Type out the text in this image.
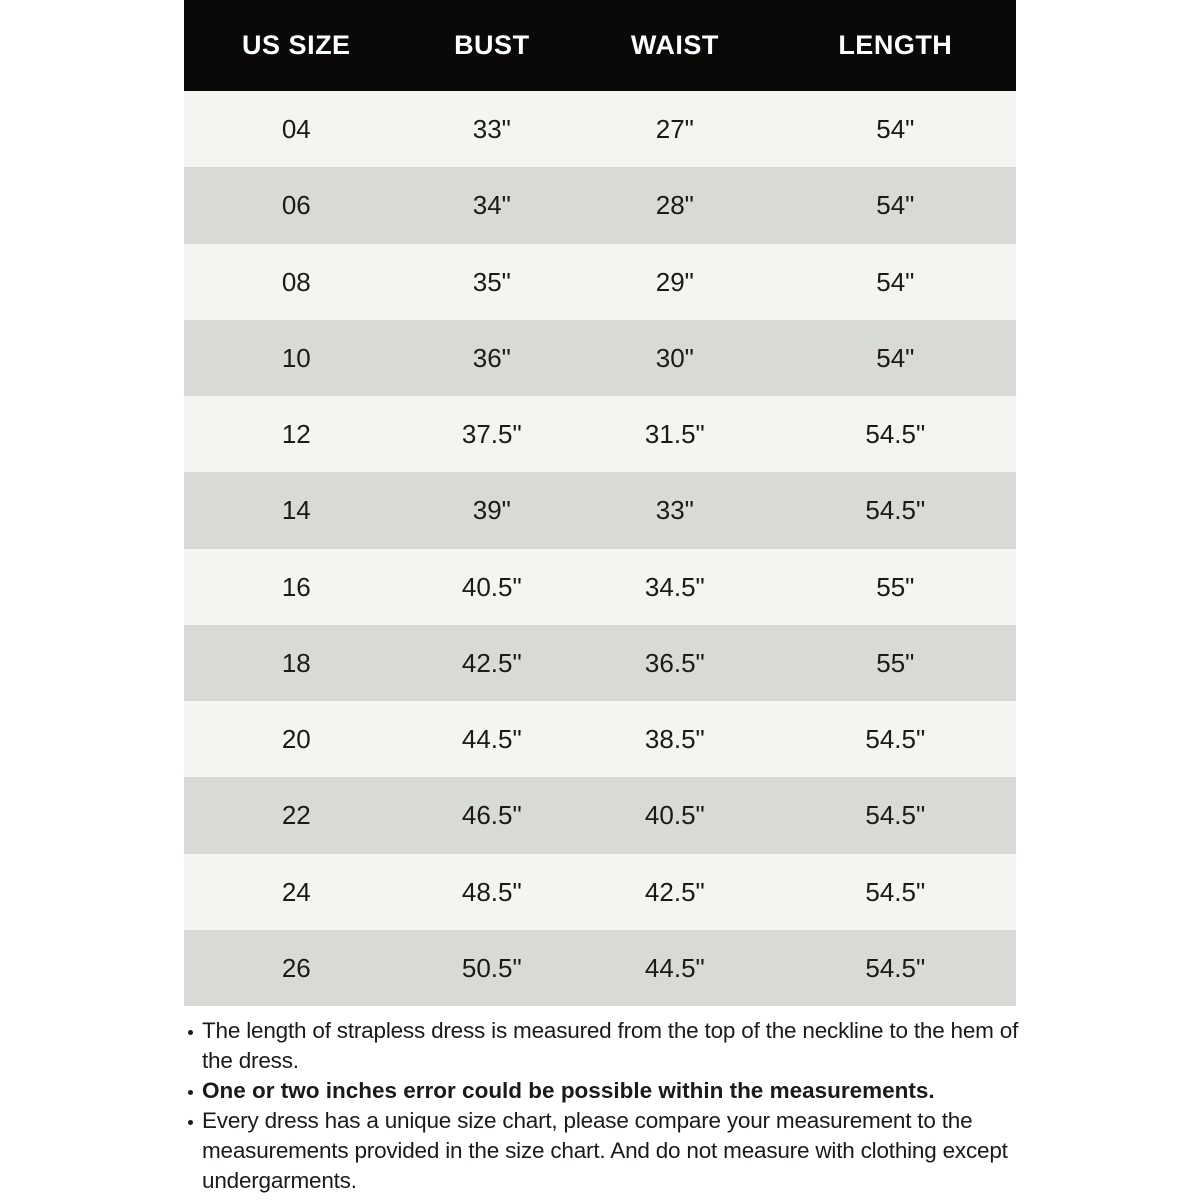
US SIZE	BUST	WAIST	LENGTH
04	33"	27"	54"
06	34"	28"	54"
08	35"	29"	54"
10	36"	30"	54"
12	37.5"	31.5"	54.5"
14	39"	33"	54.5"
16	40.5"	34.5"	55"
18	42.5"	36.5"	55"
20	44.5"	38.5"	54.5"
22	46.5"	40.5"	54.5"
24	48.5"	42.5"	54.5"
26	50.5"	44.5"	54.5"
The length of strapless dress is measured from the top of the neckline to the hem of
the dress.
One or two inches error could be possible within the measurements.
Every dress has a unique size chart, please compare your measurement to the
measurements provided in the size chart. And do not measure with clothing except
undergarments.
